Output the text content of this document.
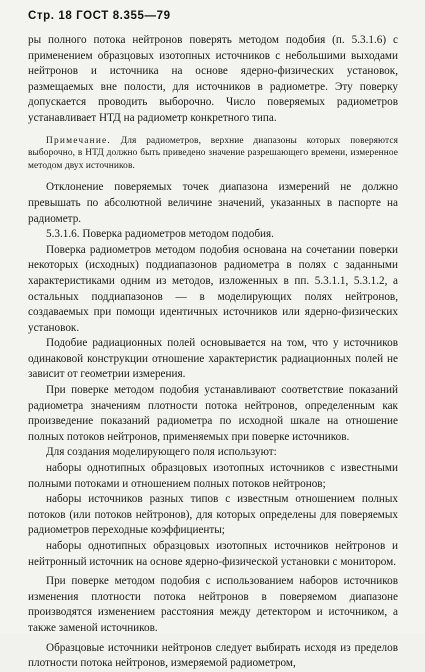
Стр. 18 ГОСТ 8.355—79

ры полного потока нейтронов поверять методом подобия (п. 5.3.1.6) с применением образцовых изотопных источников с небольшими выходами нейтронов и источника на основе ядерно-физических установок, размещаемых вне полости, для источников в радиометре. Эту поверку допускается проводить выборочно. Число поверяемых радиометров устанавливает НТД на радиометр конкретного типа.

Примечание. Для радиометров, верхние диапазоны которых поверяются выборочно, в НТД должно быть приведено значение разрешающего времени, измеренное методом двух источников.

Отклонение поверяемых точек диапазона измерений не должно превышать по абсолютной величине значений, указанных в паспорте на радиометр.

5.3.1.6. Поверка радиометров методом подобия.

Поверка радиометров методом подобия основана на сочетании поверки некоторых (исходных) поддиапазонов радиометра в полях с заданными характеристиками одним из методов, изложенных в пп. 5.3.1.1, 5.3.1.2, а остальных поддиапазонов — в моделирующих полях нейтронов, создаваемых при помощи идентичных источников или ядерно-физических установок.

Подобие радиационных полей основывается на том, что у источников одинаковой конструкции отношение характеристик радиационных полей не зависит от геометрии измерения.

При поверке методом подобия устанавливают соответствие показаний радиометра значениям плотности потока нейтронов, определенным как произведение показаний радиометра по исходной шкале на отношение полных потоков нейтронов, применяемых при поверке источников.

Для создания моделирующего поля используют:

наборы однотипных образцовых изотопных источников с известными полными потоками и отношением полных потоков нейтронов;

наборы источников разных типов с известным отношением полных потоков (или потоков нейтронов), для которых определены для поверяемых радиометров переходные коэффициенты;

наборы однотипных образцовых изотопных источников нейтронов и нейтронный источник на основе ядерно-физической установки с монитором.

При поверке методом подобия с использованием наборов источников изменения плотности потока нейтронов в поверяемом диапазоне производятся изменением расстояния между детектором и источником, а также заменой источников.

Образцовые источники нейтронов следует выбирать исходя из пределов плотности потока нейтронов, измеряемой радиометром,
